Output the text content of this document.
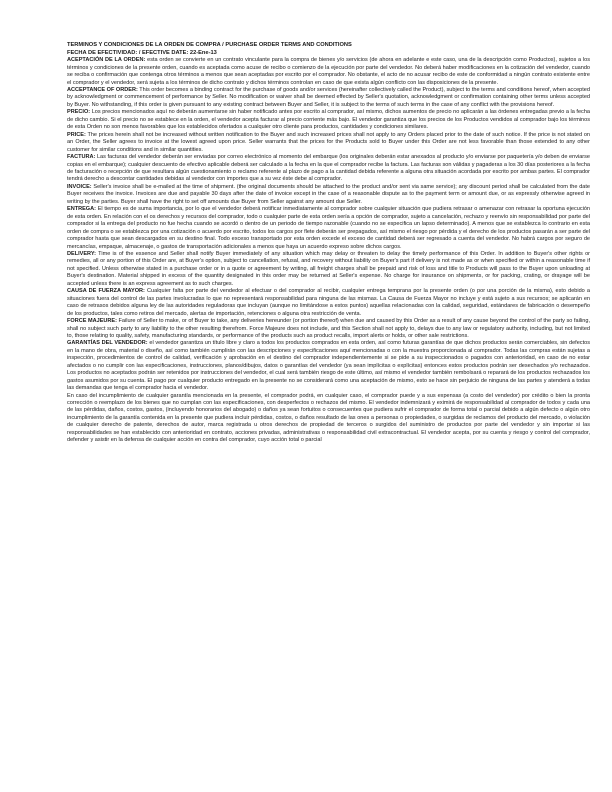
TERMINOS Y CONDICIONES DE LA ORDEN DE COMPRA / PURCHASE ORDER TERMS AND CONDITIONS

FECHA DE EFECTIVIDAD: / EFECTIVE DATE: 22-Ene-13

ACEPTACIÓN DE LA ORDEN: esta orden se convierte en un contrato vinculante para la compra de bienes y/o servicios (de ahora en adelante e este caso, una de la descripción como Productos), sujetos a los términos y condiciones de la presente orden, cuando es aceptada como acuse de recibo o comienzo de la ejecución por parte del vendedor. No deberá haber modificaciones en la cotización del vendedor, cuando se reciba o confirmación que contenga otros términos a menos que sean aceptadas por escrito por el comprador. No obstante, el acto de no acusar recibo de este de conformidad a ningún contrato existente entre el comprador y el vendedor, será sujeta a los términos de dicho contrato y dichos términos controlan en caso de que exista algún conflicto con las disposiciones de la presente.

ACCEPTANCE OF ORDER: This order becomes a binding contract for the purchase of goods and/or services (hereinafter collectively called the Product), subject to the terms and conditions hereof, when accepted by acknowledgment or commencement of performance by Seller. No modification or waiver shall be deemed effected by Seller's quotation, acknowledgment or confirmation containing other terms unless accepted by Buyer. No withstanding, if this order is given pursuant to any existing contract between Buyer and Seller, it is subject to the terms of such terms in the case of any conflict with the provisions hereof.

PRECIO: Los precios mencionados aquí no deberán aumentarse sin haber notificado antes por escrito al comprador, así mismo, dichos aumentos de precio no aplicarán a las órdenes entregadas previo a la fecha de dicho cambio. Si el precio no se establece en la orden, el vendedor acepta facturar al precio corriente más bajo. El vendedor garantiza que los precios de los Productos vendidos al comprador bajo los términos de esta Orden no son menos favorables que los establecidos ofertados a cualquier otro cliente para productos, cantidades y condiciones similares.

PRICE: The prices herein shall not be increased without written notification to the Buyer and such increased prices shall not apply to any Orders placed prior to the date of such notice. If the price is not stated on an Order, the Seller agrees to invoice at the lowest agreed upon price. Seller warrants that the prices for the Products sold to Buyer under this Order are not less favorable than those extended to any other customer for similar conditions and in similar quantities.

FACTURA: Las facturas del vendedor deberán ser enviadas por correo electrónico al momento del embarque (los originales deberán estar anexados al producto y/o enviarse por paquetería y/o deben de enviarse copias en el embarque); cualquier descuento de efectivo aplicable deberá ser calculado a la fecha en la que el comprador recibe la factura. Las facturas son válidas y pagaderas a los 30 días posteriores a la fecha de facturación o recepción de que resultara algún cuestionamiento o reclamo referente al plazo de pago a la cantidad debida referente a alguna otra situación acordada por escrito por ambas partes. El comprador tendrá derecho a descontar cantidades debidas al vendedor con importes que a su vez éste debe al comprador.

INVOICE: Seller's invoice shall be e-mailed at the time of shipment. (the original documents should be attached to the product and/or sent via same service); any discount period shall be calculated from the date Buyer receives the invoice. Invoices are due and payable 30 days after the date of invoice except in the case of a reasonable dispute as to the payment term or amount due, or as expressly otherwise agreed in writing by the parties. Buyer shall have the right to set off amounts due Buyer from Seller against any amount due Seller.

ENTREGA: El tiempo es de suma importancia, por lo que el vendedor deberá notificar inmediatamente al comprador sobre cualquier situación que pudiera retrasar o amenazar con retrasar la oportuna ejecución de esta orden. En relación con el os derechos y recursos del comprador, todo o cualquier parte de esta orden sería a opción de comprador, sujeto a cancelación, rechazo y reenvío sin responsabilidad por parte del comprador si la entrega del producto no fue hecha cuando se acordó o dentro de un periodo de tiempo razonable (cuando no se especifica un lapso determinado). A menos que se establezca lo contrario en esta orden de compra o se establezca por una cotización o acuerdo por escrito, todos los cargos por flete deberán ser prepagados, así mismo el riesgo por pérdida y el derecho de los productos pasarán a ser parte del comprador hasta que sean descargados en su destino final. Todo exceso transportado por esta orden excede el exceso de cantidad deberá ser regresado a cuenta del vendedor. No habrá cargos por seguro de mercancías, empaque, almacenaje, o gastos de transportación adicionales a menos que haya un acuerdo expreso sobre dichos cargos.

DELIVERY: Time is of the essence and Seller shall notify Buyer immediately of any situation which may delay or threaten to delay the timely performance of this Order. In addition to Buyer's other rights or remedies, all or any portion of this Order are, at Buyer's option, subject to cancellation, refusal, and recovery without liability on Buyer's part if delivery is not made as or when specified or within a reasonable time if not specified. Unless otherwise stated in a purchase order or in a quote or agreement by writing, all freight charges shall be prepaid and risk of loss and title to Products will pass to the Buyer upon unloading at Buyer's destination. Material shipped in excess of the quantity designated in this order may be returned at Seller's expense. No charge for insurance on shipments, or for packing, crating, or drayage will be accepted unless there is an express agreement as to such charges.

CAUSA DE FUERZA MAYOR: Cualquier falta por parte del vendedor al efectuar o del comprador al recibir, cualquier entrega temprana por la presente orden (o por una porción de la misma), esto debido a situaciones fuera del control de las partes involucradas lo que no representará responsabilidad para ninguna de las mismas. La Causa de Fuerza Mayor no incluye y está sujeto a sus recursos; se aplicarán en caso de retrasos debidos alguna ley de las autoridades reguladoras que incluyan (aunque no limitándose a estos puntos) aquellas relacionadas con la calidad, seguridad, estándares de fabricación o desempeño de los productos, tales como retiros del mercado, alertas de importación, retenciones o alguna otra restricción de venta.

FORCE MAJEURE: Failure of Seller to make, or of Buyer to take, any deliveries hereunder (or portion thereof) when due and caused by this Order as a result of any cause beyond the control of the party so failing, shall no subject such party to any liability to the other resulting therefrom. Force Majeure does not include, and this Section shall not apply to, delays due to any law or regulatory authority, including, but not limited to, those relating to quality, safety, manufacturing standards, or performance of the products such as product recalls, import alerts or holds, or other sale restrictions.

GARANTÍAS DEL VENDEDOR: el vendedor garantiza un título libre y claro a todos los productos comprados en esta orden, así como futuras garantías de que dichos productos serán comerciables, sin defectos en la mano de obra, material o diseño, así como también cumplirán con las descripciones y especificaciones aquí mencionadas o con la muestra proporcionada al comprador. Todas las compras están sujetas a inspección, procedimientos de control de calidad, verificación y aprobación en el destino del comprador independientemente si se pide a su inspeccionados o pagados con anterioridad, en caso de no estar afectados o no cumplir con las especificaciones, instrucciones, planos/dibujos, datos o garantías del vendedor (ya sean implícitas o explícitas) entonces estos productos podrán ser desechados y/o rechazados. Los productos no aceptados podrán ser retenidos por instrucciones del vendedor, el cual será también riesgo de este último, así mismo el vendedor también rembolsará o reparará de los productos rechazados los gastos asumidos por su cuenta. El pago por cualquier producto entregado en la presente no se considerará como una aceptación de mismo, esto se hace sin perjuicio de ninguna de las partes y atenderá a todas las demandas que tenga el comprador hacia el vendedor.

En caso del incumplimiento de cualquier garantía mencionada en la presente, el comprador podrá, en cualquier caso, el comprador puede y a sus expensas (a costo del vendedor) por crédito o bien la pronta corrección o reemplazo de los bienes que no cumplan con las especificaciones, con desperfectos o rechazos del mismo. El vendedor indemnizará y eximirá de responsabilidad al comprador de todos y cada una de las pérdidas, daños, costos, gastos, (incluyendo honorarios del abogado) o daños ya sean fortuitos o consecuentes que pudiera sufrir el comprador de forma total o parcial debido a algún defecto o algún otro incumplimiento de la garantía contenida en la presente que pudiera incluir pérdidas, costos, o daños resultado de las ones a personas o propiedades, o surgidas de reclamos del producto del mercado, o violación de cualquier derecho de patente, derechos de autor, marca registrada u otros derechos de propiedad de terceros o surgidos del suministro de productos por parte del vendedor y sin importar si las responsabilidades se han establecido con anterioridad en contrato, acciones privadas, administrativas o responsabilidad civil extracontractual. El vendedor acepta, por su cuenta y riesgo y control del comprador, defender y asistir en la defensa de cualquier acción en contra del comprador, cuyo acción total o parcial
